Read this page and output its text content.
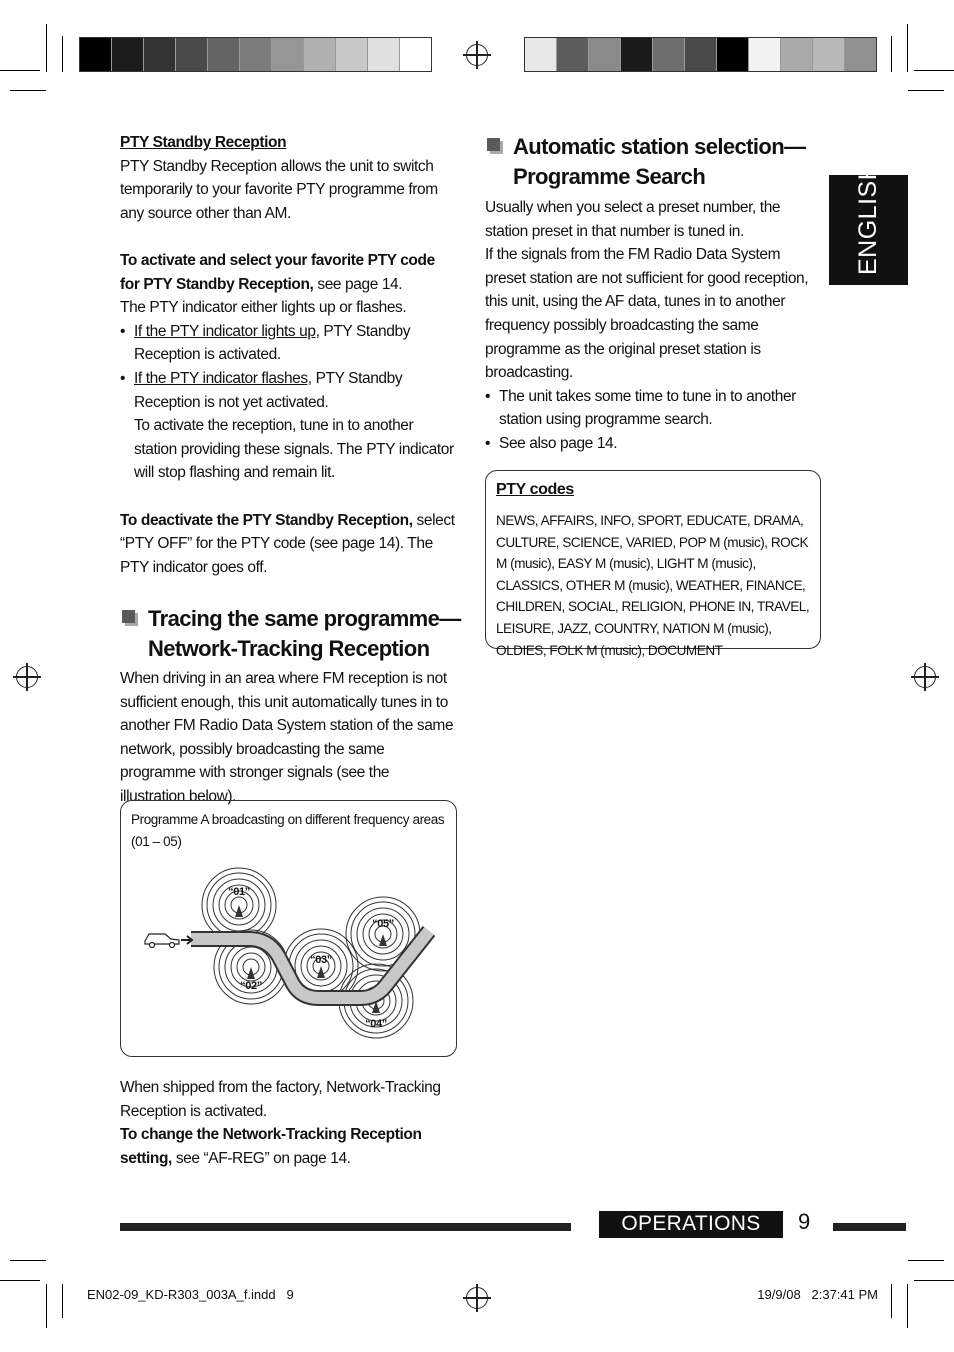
ENGLISH
PTY Standby Reception
PTY Standby Reception allows the unit to switch temporarily to your favorite PTY programme from any source other than AM.
To activate and select your favorite PTY code for PTY Standby Reception, see page 14.
The PTY indicator either lights up or flashes.
• If the PTY indicator lights up, PTY Standby Reception is activated.
• If the PTY indicator flashes, PTY Standby Reception is not yet activated.
To activate the reception, tune in to another station providing these signals. The PTY indicator will stop flashing and remain lit.
To deactivate the PTY Standby Reception, select “PTY OFF” for the PTY code (see page 14). The PTY indicator goes off.
Tracing the same programme—
Network-Tracking Reception
When driving in an area where FM reception is not sufficient enough, this unit automatically tunes in to another FM Radio Data System station of the same network, possibly broadcasting the same programme with stronger signals (see the illustration below).
Programme A broadcasting on different frequency areas (01 – 05)
“01”
“02”
“03”
“04”
“05”
When shipped from the factory, Network-Tracking Reception is activated.
To change the Network-Tracking Reception setting, see “AF-REG” on page 14.
Automatic station selection—
Programme Search
Usually when you select a preset number, the station preset in that number is tuned in.
If the signals from the FM Radio Data System preset station are not sufficient for good reception, this unit, using the AF data, tunes in to another frequency possibly broadcasting the same programme as the original preset station is broadcasting.
• The unit takes some time to tune in to another station using programme search.
• See also page 14.
PTY codes
NEWS, AFFAIRS, INFO, SPORT, EDUCATE, DRAMA, CULTURE, SCIENCE, VARIED, POP M (music), ROCK M (music), EASY M (music), LIGHT M (music), CLASSICS, OTHER M (music), WEATHER, FINANCE, CHILDREN, SOCIAL, RELIGION, PHONE IN, TRAVEL, LEISURE, JAZZ, COUNTRY, NATION M (music), OLDIES, FOLK M (music), DOCUMENT
OPERATIONS	9
EN02-09_KD-R303_003A_f.indd   9	19/9/08   2:37:41 PM
